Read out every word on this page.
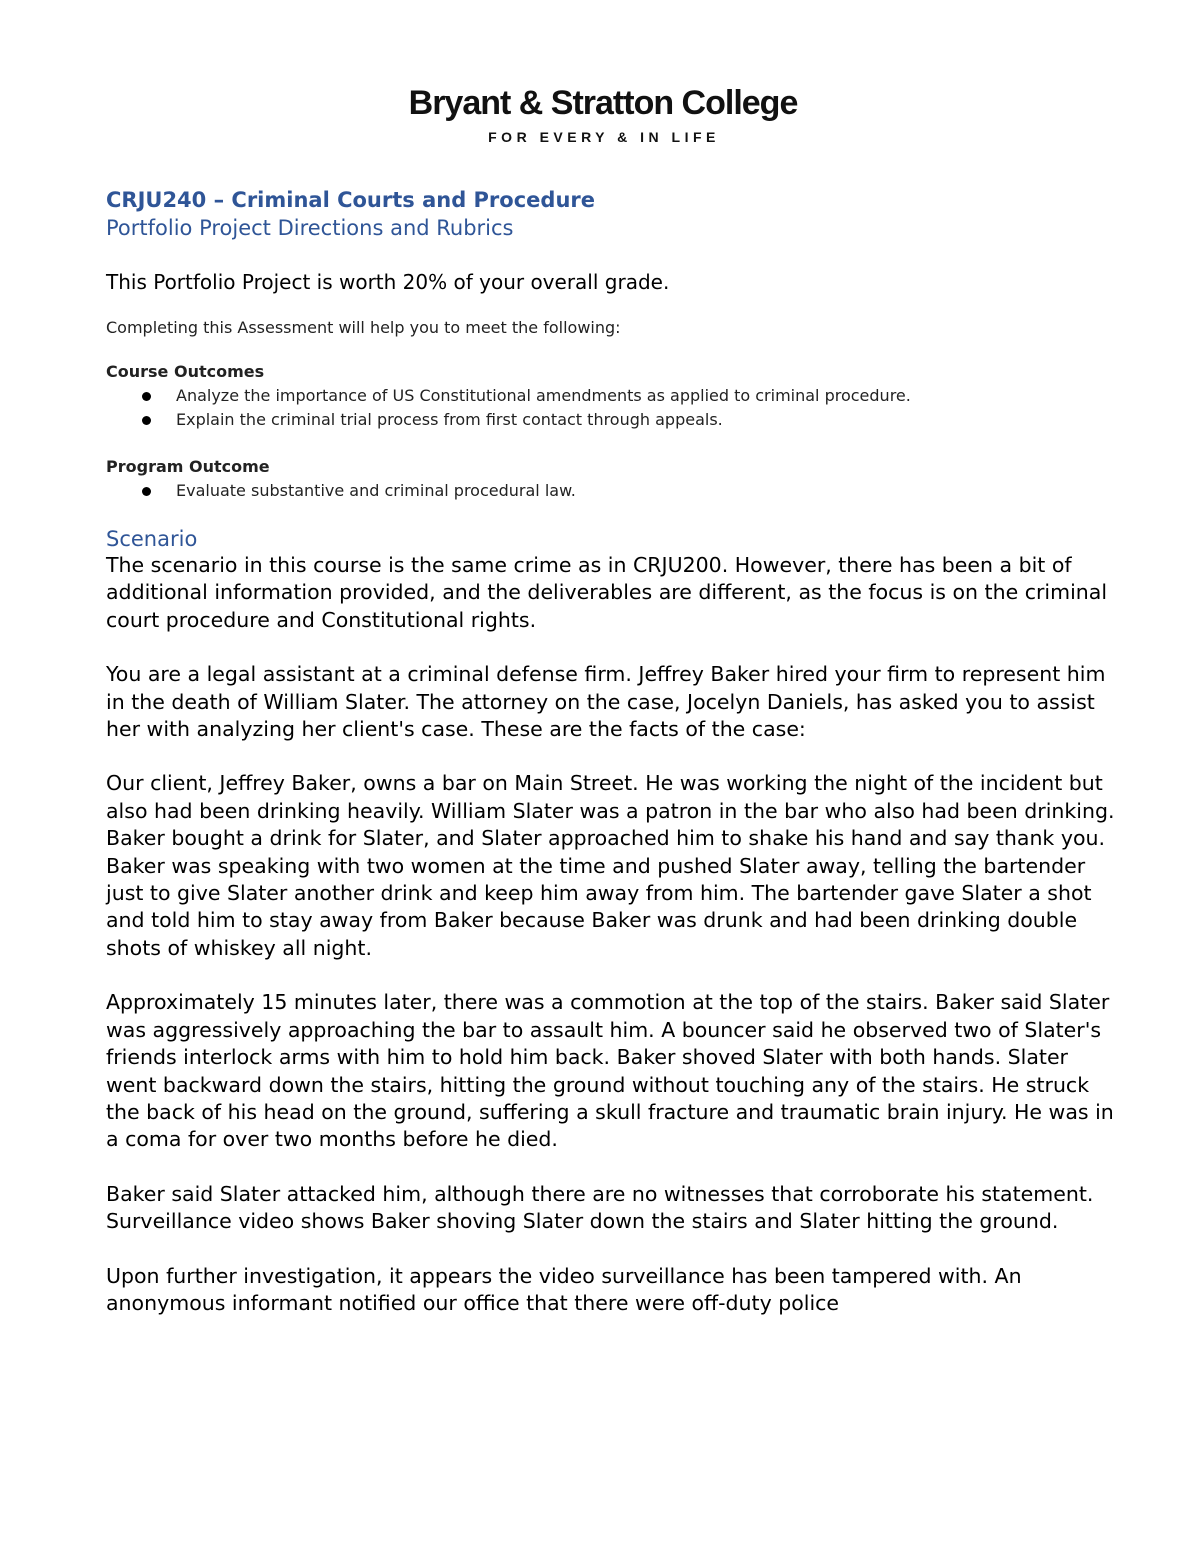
Bryant & Stratton College
FOR EVERY & IN LIFE

CRJU240 – Criminal Courts and Procedure

Portfolio Project Directions and Rubrics

This Portfolio Project is worth 20% of your overall grade.

Completing this Assessment will help you to meet the following:

Course Outcomes

Analyze the importance of US Constitutional amendments as applied to criminal procedure.
Explain the criminal trial process from first contact through appeals.

Program Outcome

Evaluate substantive and criminal procedural law.

Scenario

The scenario in this course is the same crime as in CRJU200. However, there has been a bit of additional information provided, and the deliverables are different, as the focus is on the criminal court procedure and Constitutional rights.

You are a legal assistant at a criminal defense firm. Jeffrey Baker hired your firm to represent him in the death of William Slater. The attorney on the case, Jocelyn Daniels, has asked you to assist her with analyzing her client's case. These are the facts of the case:

Our client, Jeffrey Baker, owns a bar on Main Street. He was working the night of the incident but also had been drinking heavily. William Slater was a patron in the bar who also had been drinking. Baker bought a drink for Slater, and Slater approached him to shake his hand and say thank you. Baker was speaking with two women at the time and pushed Slater away, telling the bartender just to give Slater another drink and keep him away from him. The bartender gave Slater a shot and told him to stay away from Baker because Baker was drunk and had been drinking double shots of whiskey all night.

Approximately 15 minutes later, there was a commotion at the top of the stairs. Baker said Slater was aggressively approaching the bar to assault him. A bouncer said he observed two of Slater's friends interlock arms with him to hold him back. Baker shoved Slater with both hands. Slater went backward down the stairs, hitting the ground without touching any of the stairs. He struck the back of his head on the ground, suffering a skull fracture and traumatic brain injury. He was in a coma for over two months before he died.

Baker said Slater attacked him, although there are no witnesses that corroborate his statement. Surveillance video shows Baker shoving Slater down the stairs and Slater hitting the ground.

Upon further investigation, it appears the video surveillance has been tampered with. An anonymous informant notified our office that there were off-duty police
